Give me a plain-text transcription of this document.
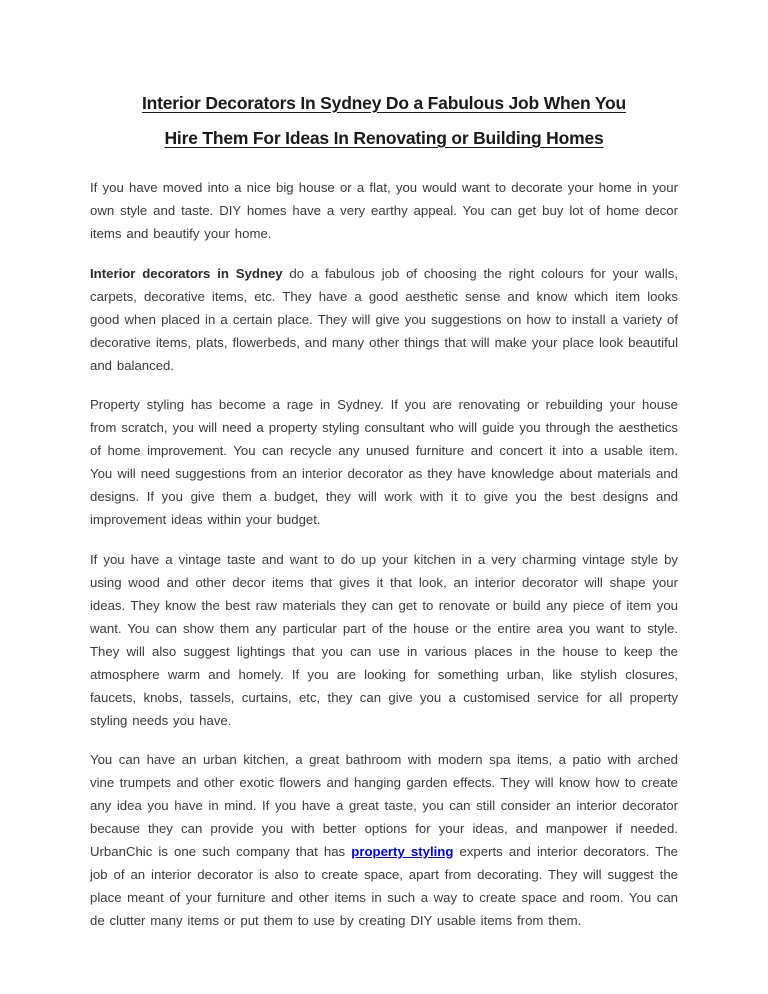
Interior Decorators In Sydney Do a Fabulous Job When You
Hire Them For Ideas In Renovating or Building Homes

If you have moved into a nice big house or a flat, you would want to decorate your home in your own style and taste. DIY homes have a very earthy appeal. You can get buy lot of home decor items and beautify your home.

Interior decorators in Sydney do a fabulous job of choosing the right colours for your walls, carpets, decorative items, etc. They have a good aesthetic sense and know which item looks good when placed in a certain place. They will give you suggestions on how to install a variety of decorative items, plats, flowerbeds, and many other things that will make your place look beautiful and balanced.

Property styling has become a rage in Sydney. If you are renovating or rebuilding your house from scratch, you will need a property styling consultant who will guide you through the aesthetics of home improvement. You can recycle any unused furniture and concert it into a usable item. You will need suggestions from an interior decorator as they have knowledge about materials and designs. If you give them a budget, they will work with it to give you the best designs and improvement ideas within your budget.

If you have a vintage taste and want to do up your kitchen in a very charming vintage style by using wood and other decor items that gives it that look, an interior decorator will shape your ideas. They know the best raw materials they can get to renovate or build any piece of item you want. You can show them any particular part of the house or the entire area you want to style. They will also suggest lightings that you can use in various places in the house to keep the atmosphere warm and homely. If you are looking for something urban, like stylish closures, faucets, knobs, tassels, curtains, etc, they can give you a customised service for all property styling needs you have.

You can have an urban kitchen, a great bathroom with modern spa items, a patio with arched vine trumpets and other exotic flowers and hanging garden effects. They will know how to create any idea you have in mind. If you have a great taste, you can still consider an interior decorator because they can provide you with better options for your ideas, and manpower if needed. UrbanChic is one such company that has property styling experts and interior decorators. The job of an interior decorator is also to create space, apart from decorating. They will suggest the place meant of your furniture and other items in such a way to create space and room. You can de clutter many items or put them to use by creating DIY usable items from them.
